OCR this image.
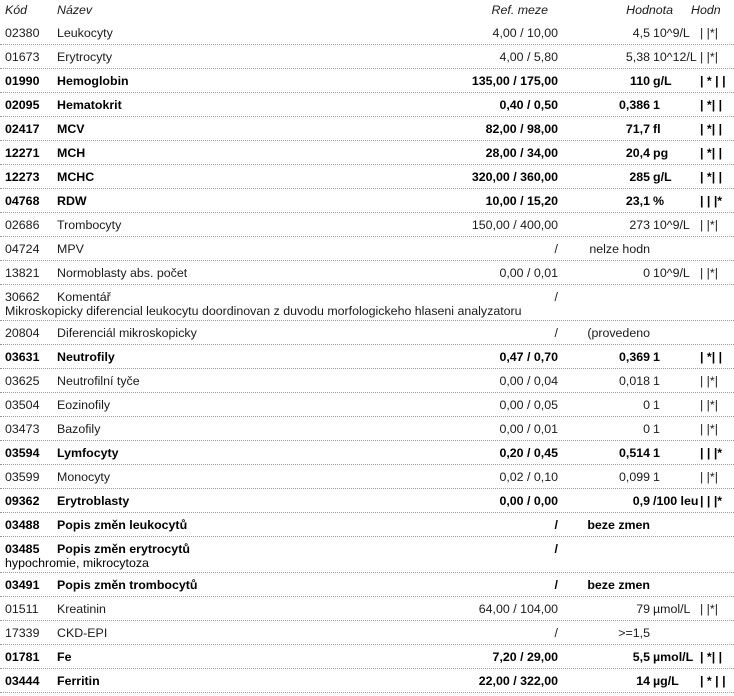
Kód Název	Ref. meze	Hodnota Hodn
02380 Leukocyty	4,00 / 10,00	4,5 10^9/L | |*|
01673 Erytrocyty	4,00 / 5,80	5,38 10^12/L | |*|
01990 Hemoglobin	135,00 / 175,00	110 g/L | * | |
02095 Hematokrit	0,40 / 0,50	0,386 1	| *| |
02417 MCV	82,00 / 98,00	71,7 fl	| *| |
12271 MCH	28,00 / 34,00	20,4 pg	| *| |
12273 MCHC	320,00 / 360,00	285 g/L | *| |
04768 RDW	10,00 / 15,20	23,1 %	| | |*
02686 Trombocyty	150,00 / 400,00	273 10^9/L | |*|
04724 MPV	/	nelze hodn
13821 Normoblasty abs. počet	0,00 / 0,01	0 10^9/L | |*|
30662 Komentář	/
Mikroskopicky diferencial leukocytu doordinovan z duvodu morfologickeho hlaseni analyzatoru
20804 Diferenciál mikroskopicky	/ (provedeno
03631 Neutrofily	0,47 / 0,70	0,369 1	| *| |
03625 Neutrofilní tyče	0,00 / 0,04	0,018 1	| |*|
03504 Eozinofily	0,00 / 0,05	0 1	| |*|
03473 Bazofily	0,00 / 0,01	0 1	| |*|
03594 Lymfocyty	0,20 / 0,45	0,514 1	| | |*
03599 Monocyty	0,02 / 0,10	0,099 1	| |*|
09362 Erytroblasty	0,00 / 0,00	0,9 /100 leu | | |*
03488 Popis změn leukocytů	/ beze zmen
03485 Popis změn erytrocytů	/
hypochromie, mikrocytoza
03491 Popis změn trombocytů	/ beze zmen
01511 Kreatinin	64,00 / 104,00	79 µmol/L | |*|
17339 CKD-EPI	/	>=1,5
01781 Fe	7,20 / 29,00	5,5 µmol/L | *| |
03444 Ferritin	22,00 / 322,00	14 µg/L | * | |
